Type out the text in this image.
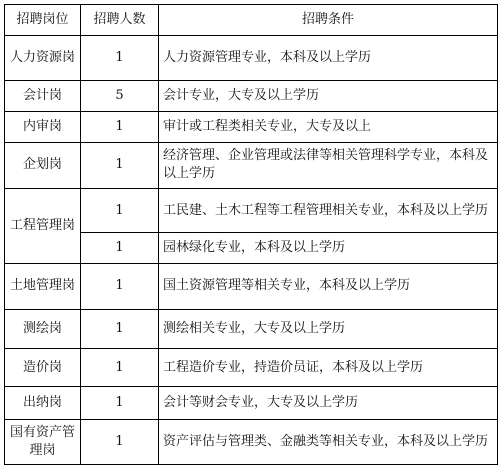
招聘岗位	招聘人数	招聘条件
人力资源岗	1	人力资源管理专业，本科及以上学历
会计岗	5	会计专业，大专及以上学历
内审岗	1	审计或工程类相关专业，大专及以上
企划岗	1	经济管理、企业管理或法律等相关管理科学专业，本科及以上学历
工程管理岗	1	工民建、土木工程等工程管理相关专业，本科及以上学历
	1	园林绿化专业，本科及以上学历
土地管理岗	1	国土资源管理等相关专业，本科及以上学历
测绘岗	1	测绘相关专业，大专及以上学历
造价岗	1	工程造价专业，持造价员证，本科及以上学历
出纳岗	1	会计等财会专业，大专及以上学历
国有资产管理岗	1	资产评估与管理类、金融类等相关专业，本科及以上学历
